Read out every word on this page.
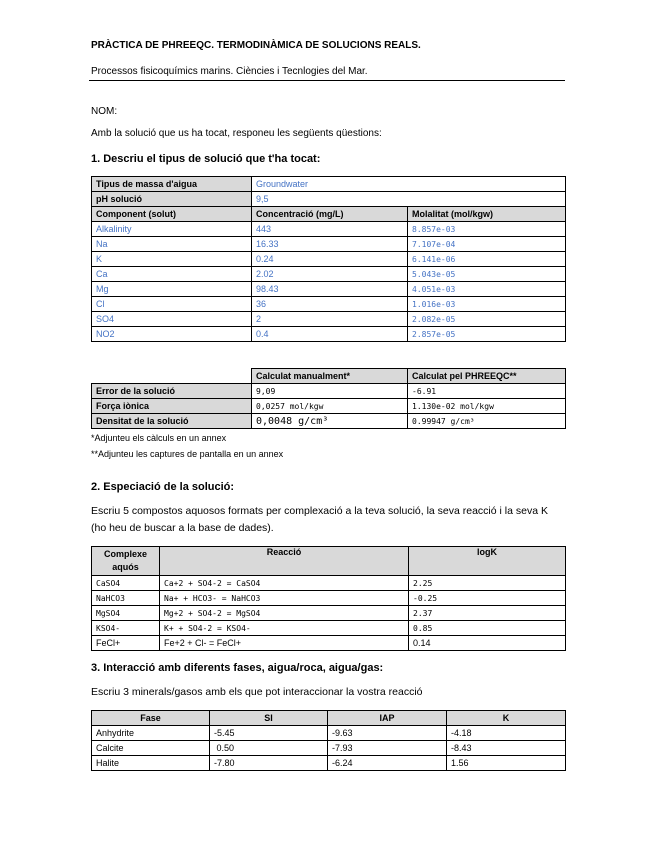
PRÀCTICA DE PHREEQC. TERMODINÀMICA DE SOLUCIONS REALS.
Processos fisicoquímics marins. Ciències i Tecnlogies del Mar.
NOM:
Amb la solució que us ha tocat, responeu les següents qüestions:
1. Descriu el tipus de solució que t'ha tocat:
Tipus de massa d'aigua	Groundwater	
pH solució	9,5	
Component (solut)	Concentració (mg/L)	Molalitat (mol/kgw)
Alkalinity	443	8.857e-03
Na	16.33	7.107e-04
K	0.24	6.141e-06
Ca	2.02	5.043e-05
Mg	98.43	4.051e-03
Cl	36	1.016e-03
SO4	2	2.082e-05
NO2	0.4	2.857e-05
	Calculat manualment*	Calculat pel PHREEQC**
Error de la solució	9,09	-6.91
Força iònica	0,0257 mol/kgw	1.130e-02 mol/kgw
Densitat de la solució	0,0048 g/cm³	0.99947 g/cm³
*Adjunteu els càlculs en un annex
**Adjunteu les captures de pantalla en un annex
2. Especiació de la solució:
Escriu 5 compostos aquosos formats per complexació a la teva solució, la seva reacció i la seva K (ho heu de buscar a la base de dades).
Complexe aquós	Reacció	logK
CaSO4	Ca+2 + SO4-2 = CaSO4	2.25
NaHCO3	Na+ + HCO3- = NaHCO3	-0.25
MgSO4	Mg+2 + SO4-2 = MgSO4	2.37
KSO4-	K+ + SO4-2 = KSO4-	0.85
FeCl+	Fe+2 + Cl- = FeCl+	0.14
3. Interacció amb diferents fases, aigua/roca, aigua/gas:
Escriu 3 minerals/gasos amb els que pot interaccionar la vostra reacció
Fase	SI	IAP	K
Anhydrite	-5.45	-9.63	-4.18
Calcite	0.50	-7.93	-8.43
Halite	-7.80	-6.24	1.56
